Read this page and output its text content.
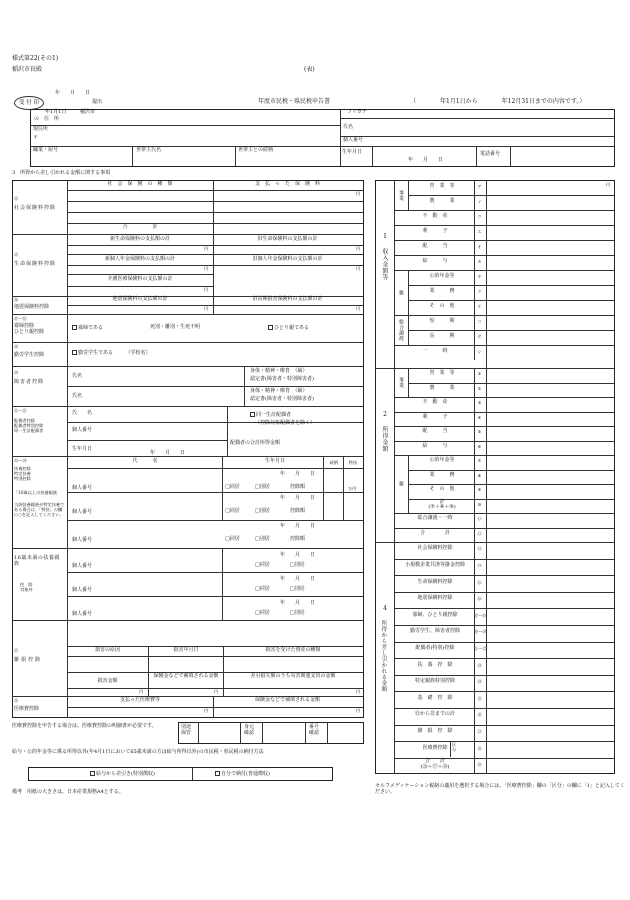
様式第22(その1)
稲沢市長殿	(表)
受 付 印
年　　月　　日
提出	年度市民税・県民税申告書	（　　　　年1月1日から　　　　年12月31日までの内容です。）
年1月1日	稲沢市
の　住　所
現住所
〒
フリガナ
氏名
個人番号
職業・屋号	世帯主氏名	世帯主との続柄	生年月日
年　　月　　日
電話番号
3　所得から差し引かれる金額に関する事項
社　会　保　険　の　種　類	支　払　っ　た　保　険　料
円
⑬
社会保険料控除
合　　　　　計
⑮
生命保険料控除
新生命保険料の支払額の計	旧生命保険料の支払額の計
円	円
新個人年金保険料の支払額の計	旧個人年金保険料の支払額の計
円	円
介護医療保険料の支払額の計
円
⑯
地震保険料控除
地震保険料の支払額の計	旧長期損害保険料の支払額の計
円	円
⑰〜⑱
寡婦控除
ひとり親控除
寡婦である	死別・離別・生死不明	ひとり親である
⑲
勤労学生控除	勤労学生である　　　（学校名）
⑳
障害者控除
氏名
氏名
身体・精神・療育　（級）
認定書(障害者・特別障害者)
身体・精神・療育　（級）
認定書(障害者・特別障害者)
㉑〜㉒
配偶者控除
配偶者特別控除
同一生計配偶者
氏　　名
個人番号
生年月日
年　　月　　日
同一生計配偶者
（控除対象配偶者を除く）
配偶者の合計所得金額
㉓〜㉔
扶養控除
特定扶養
特別控除
「16歳以上の扶養親族
当該扶養親族が特定扶養である場合は、「特扶」の欄に○を記入してください。
氏　　　名	生年月日	続柄	特扶
個人番号
年　　月　　日
□同居	□別居	控除額	万円
個人番号
年　　月　　日
□同居	□別居	控除額
個人番号
年　　月　　日
□同居	□別居	控除額
16歳未満の扶養親族
控　除
対象外
個人番号
年　　月　　日
□同居	□別居
個人番号
年　　月　　日
□同居	□別居
個人番号
年　　月　　日
□同居	□別居
㉗
雑損控除
損害の原因	損害年月日	損害を受けた資産の種類
損害金額
保険金などで補填される金額	差引損失額のうち災害関連支出の金額
円	円	円
㉘
医療費控除
支払った医療費等	保険金などで補填される金額
円	円
医療費控除を申告する場合は、医療費控除の明細書が必要です。	別途
保管
身元
確認
番号
確認
給与・公的年金等に係る所得以外(年4月1日において65歳未満の方は給与所得以外)の市民税・県民税の納付方法
給与から差引き(特別徴収)	自分で納付(普通徴収)
備考　用紙の大きさは、日本産業規格A4とする。
営　業　等	ア
農　　　業	イ
不　動　産	ウ
利　　　子	エ
配　　　当	オ
給　　　与	カ
公的年金等	キ
業　　　務	ク
そ　の　他	ケ
短　　　期	コ
長　　　期	サ
一　　　時	シ
事業
雑
総合譲渡
営　業　等	①
農　　　業	②
不　動　産	③
利　　　子	④
配　　　当	⑤
給　　　与	⑥
公的年金等	⑦
業　　　務	⑧
そ　の　他	⑨
計
(⑦＋⑧＋⑨)	⑩
総合譲渡・一時	⑪
合　　　　計	⑫
事業
雑
社会保険料控除	⑬
小規模企業共済等掛金控除	⑭
生命保険料控除	⑮
地震保険料控除	⑯
寡婦、ひとり親控除	⑰〜⑱
勤労学生、障害者控除	⑲〜⑳
配偶者(特別)控除	㉑〜㉒
扶　養　控　除	㉓
特定親族特別控除	㉔
基　礎　控　除	㉕
⑬から㉕までの計	㉖
雑　損　控　除	㉗
医療費控除	㉘
合　　計
(㉖＋㉗＋㉘)	㉙
区
分
1
収入金額等
2
所得金額
4
所得から差し引かれる金額
円
セルフメディケーション税制の適用を選択する場合には、「医療費控除」欄の「区分」の欄に「1」と記入してください。
